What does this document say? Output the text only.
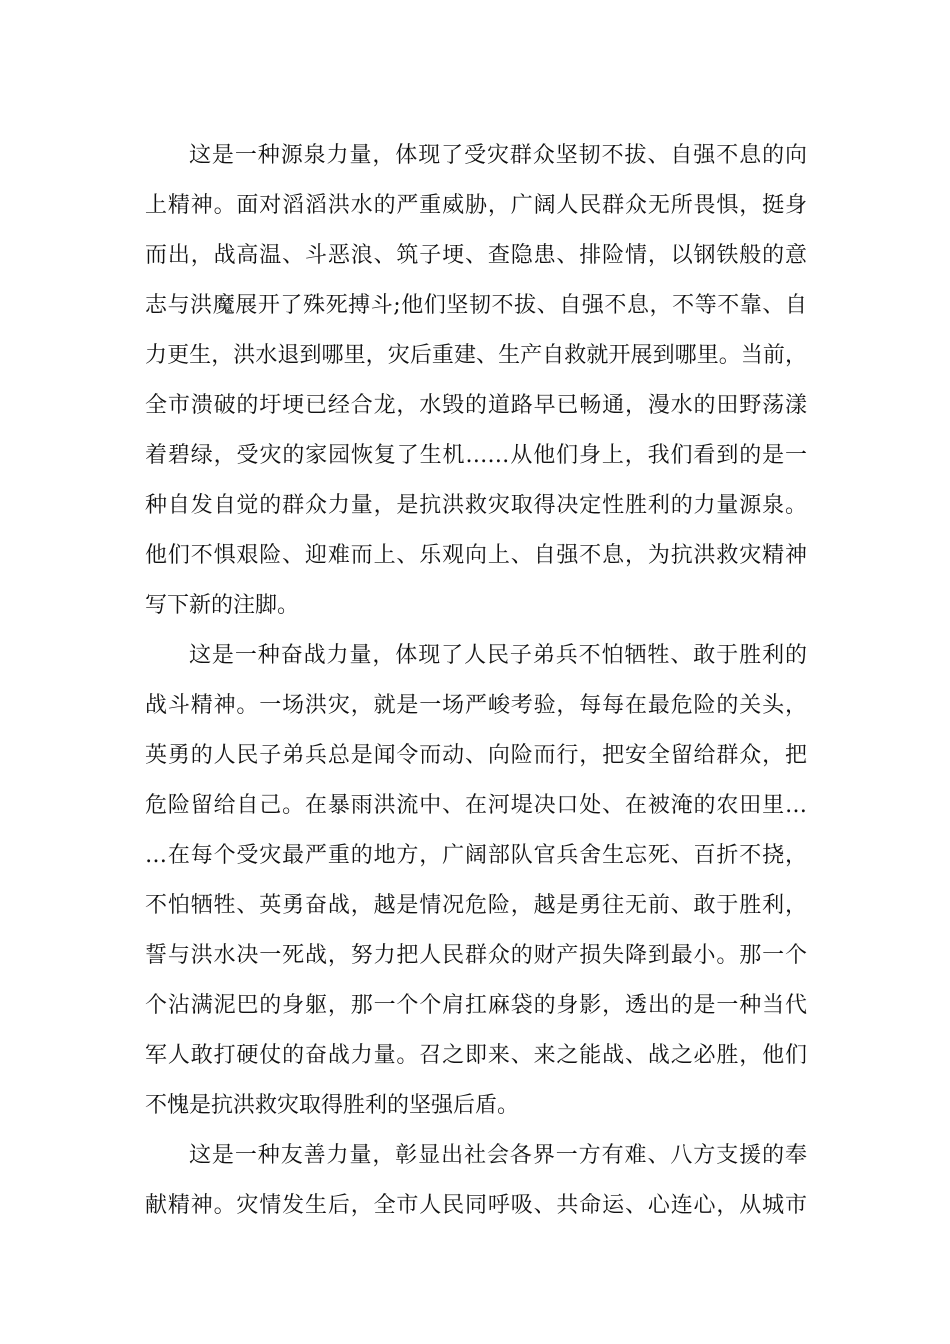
这是一种源泉力量，体现了受灾群众坚韧不拔、自强不息的向
上精神。面对滔滔洪水的严重威胁，广阔人民群众无所畏惧，挺身
而出，战高温、斗恶浪、筑子埂、查隐患、排险情，以钢铁般的意
志与洪魔展开了殊死搏斗;他们坚韧不拔、自强不息，不等不靠、自
力更生，洪水退到哪里，灾后重建、生产自救就开展到哪里。当前，
全市溃破的圩埂已经合龙，水毁的道路早已畅通，漫水的田野荡漾
着碧绿，受灾的家园恢复了生机……从他们身上，我们看到的是一
种自发自觉的群众力量，是抗洪救灾取得决定性胜利的力量源泉。
他们不惧艰险、迎难而上、乐观向上、自强不息，为抗洪救灾精神
写下新的注脚。
这是一种奋战力量，体现了人民子弟兵不怕牺牲、敢于胜利的
战斗精神。一场洪灾，就是一场严峻考验，每每在最危险的关头，
英勇的人民子弟兵总是闻令而动、向险而行，把安全留给群众，把
危险留给自己。在暴雨洪流中、在河堤决口处、在被淹的农田里…
…在每个受灾最严重的地方，广阔部队官兵舍生忘死、百折不挠，
不怕牺牲、英勇奋战，越是情况危险，越是勇往无前、敢于胜利，
誓与洪水决一死战，努力把人民群众的财产损失降到最小。那一个
个沾满泥巴的身躯，那一个个肩扛麻袋的身影，透出的是一种当代
军人敢打硬仗的奋战力量。召之即来、来之能战、战之必胜，他们
不愧是抗洪救灾取得胜利的坚强后盾。
这是一种友善力量，彰显出社会各界一方有难、八方支援的奉
献精神。灾情发生后，全市人民同呼吸、共命运、心连心，从城市
